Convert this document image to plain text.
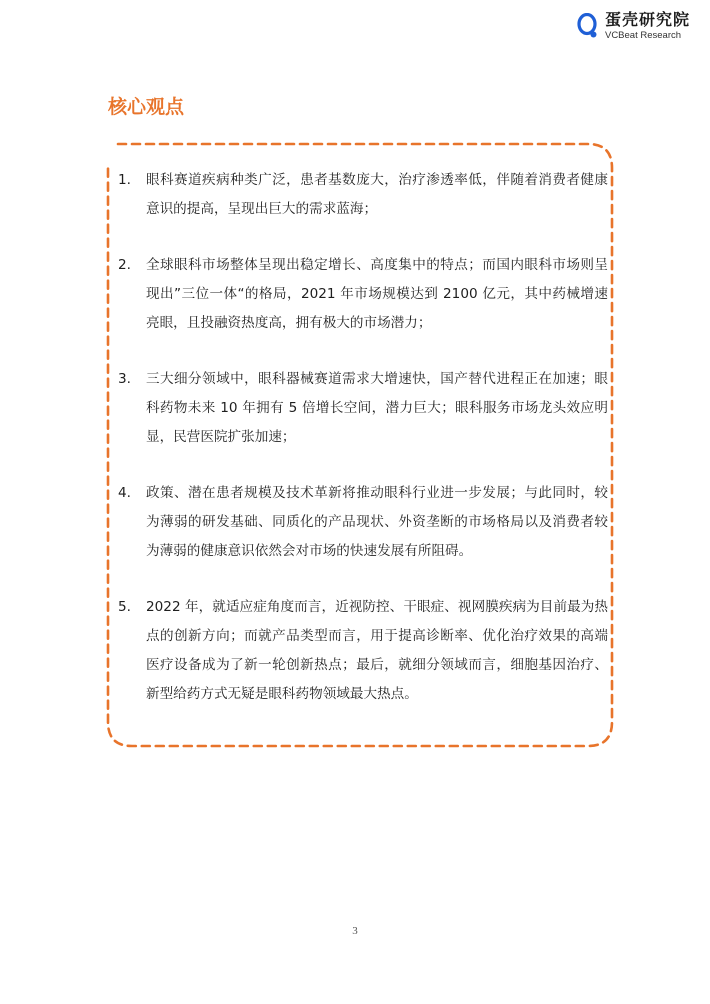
蛋壳研究院
VCBeat Research
核心观点
1.	眼科赛道疾病种类广泛，患者基数庞大，治疗渗透率低，伴随着消费者健康意识的提高，呈现出巨大的需求蓝海；
2.	全球眼科市场整体呈现出稳定增长、高度集中的特点；而国内眼科市场则呈现出”三位一体“的格局，2021 年市场规模达到 2100 亿元，其中药械增速亮眼，且投融资热度高，拥有极大的市场潜力；
3.	三大细分领域中，眼科器械赛道需求大增速快，国产替代进程正在加速；眼科药物未来 10 年拥有 5 倍增长空间，潜力巨大；眼科服务市场龙头效应明显，民营医院扩张加速；
4.	政策、潜在患者规模及技术革新将推动眼科行业进一步发展；与此同时，较为薄弱的研发基础、同质化的产品现状、外资垄断的市场格局以及消费者较为薄弱的健康意识依然会对市场的快速发展有所阻碍。
5.	2022 年，就适应症角度而言，近视防控、干眼症、视网膜疾病为目前最为热点的创新方向；而就产品类型而言，用于提高诊断率、优化治疗效果的高端医疗设备成为了新一轮创新热点；最后，就细分领域而言，细胞基因治疗、新型给药方式无疑是眼科药物领域最大热点。
3
